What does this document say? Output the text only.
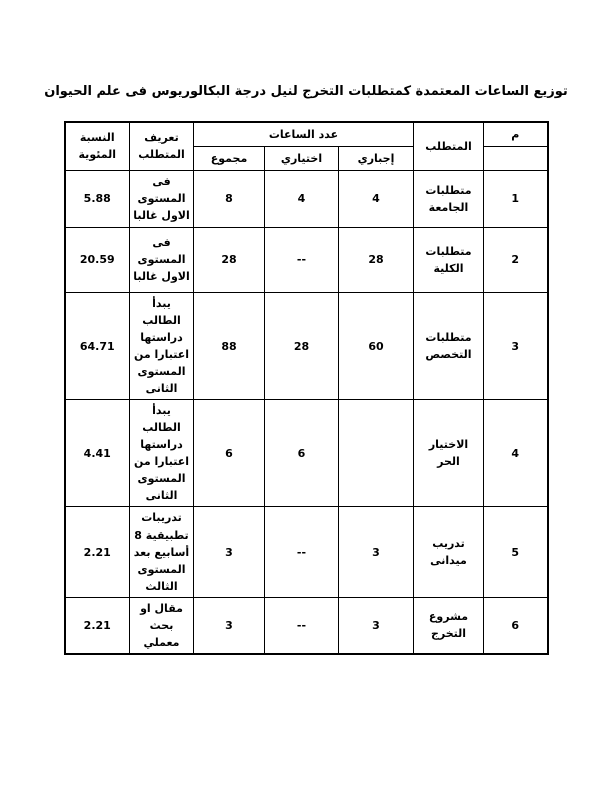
توزيع الساعات المعتمدة كمتطلبات التخرج لنيل درجة البكالوريوس فى علم الحيوان
م	المتطلب	عدد الساعات			تعريف المتطلب	النسبة المئوية
		إجباري	اختياري	مجموع		
1	متطلبات الجامعة	4	4	8	فى المستوى الاول غالبا	5.88
2	متطلبات الكلية	28	--	28	فى المستوى الاول غالبا	20.59
3	متطلبات التخصص	60	28	88	يبدأ الطالب دراستها اعتبارا من المستوى الثانى	64.71
4	الاختيار الحر		6	6	يبدأ الطالب دراستها اعتبارا من المستوى الثانى	4.41
5	تدريب ميدانى	3	--	3	تدريبات تطبيقية 8 أسابيع بعد المستوى الثالث	2.21
6	مشروع التخرج	3	--	3	مقال او بحث معملي	2.21
